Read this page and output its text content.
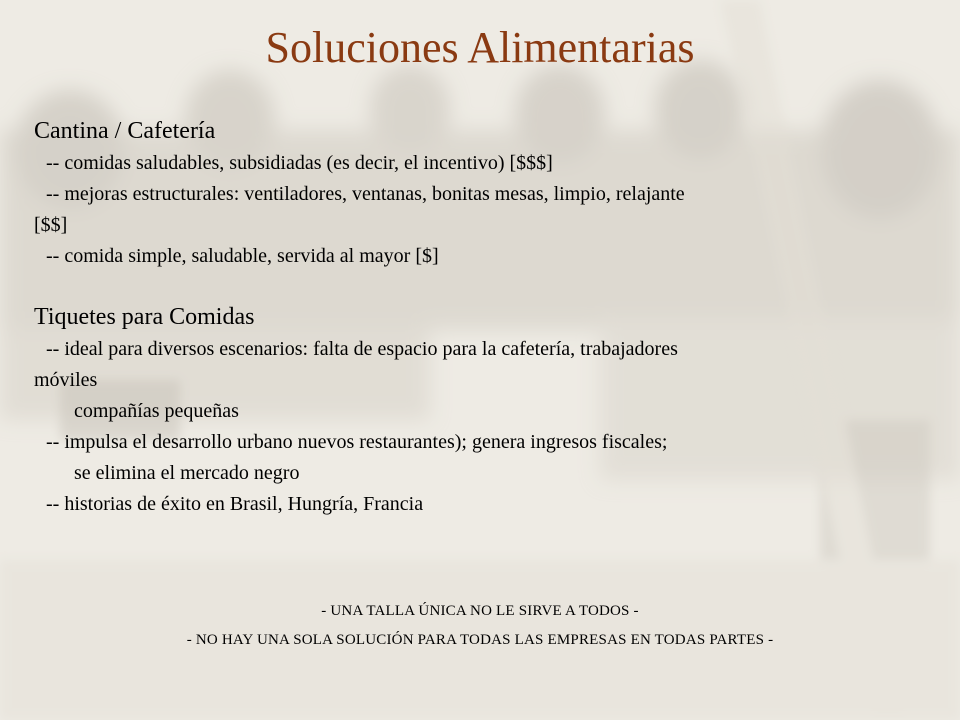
Soluciones Alimentarias
Cantina / Cafetería

-- comidas saludables, subsidiadas (es decir, el incentivo) [$$$]

-- mejoras estructurales: ventiladores, ventanas, bonitas mesas, limpio, relajante

[$$]

-- comida simple, saludable, servida al mayor [$]

Tiquetes para Comidas

-- ideal para diversos escenarios: falta de espacio para la cafetería, trabajadores

móviles

compañías pequeñas

-- impulsa el desarrollo urbano nuevos restaurantes); genera ingresos fiscales;

se elimina el mercado negro

-- historias de éxito en Brasil, Hungría, Francia

- UNA TALLA ÚNICA NO LE SIRVE A TODOS -
- NO HAY UNA SOLA SOLUCIÓN PARA TODAS LAS EMPRESAS EN TODAS PARTES -
